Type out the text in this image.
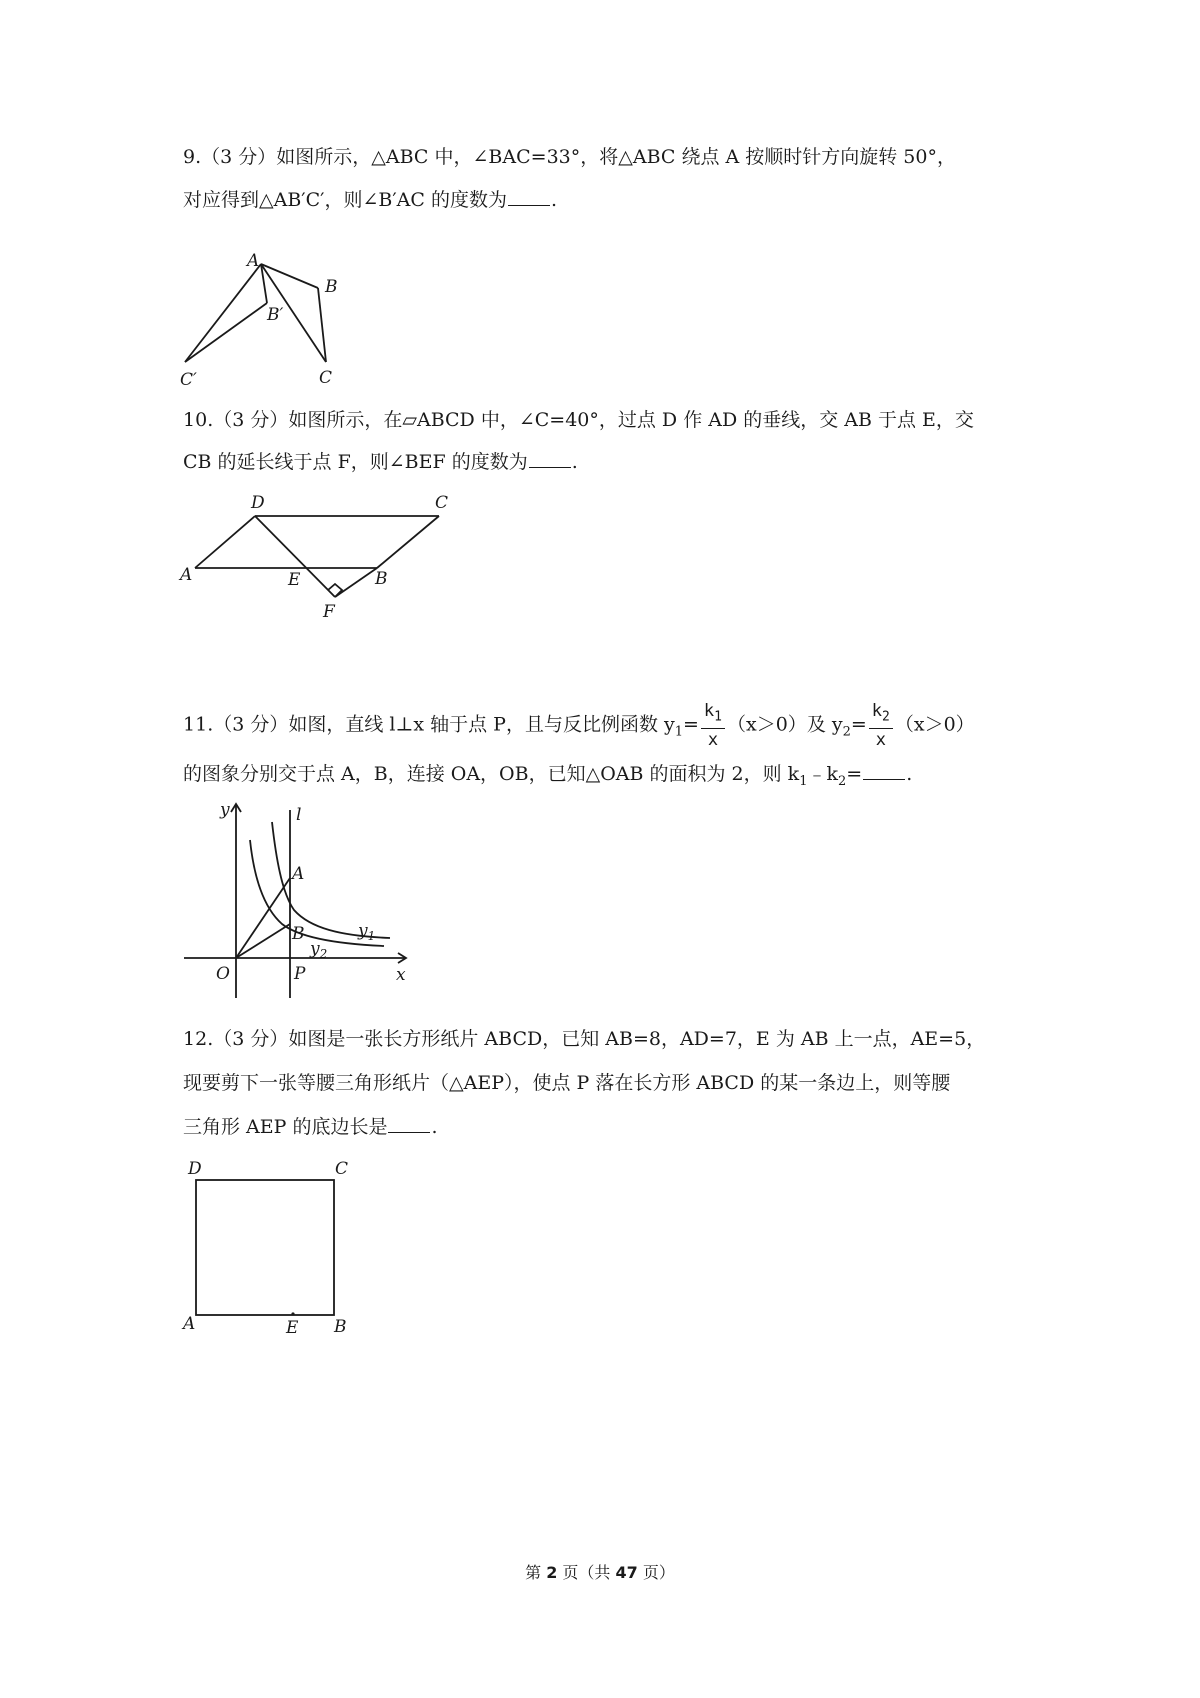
9.（3 分）如图所示，△ABC 中，∠BAC=33°，将△ABC 绕点 A 按顺时针方向旋转 50°，
对应得到△AB′C′，则∠B′AC 的度数为 .
A
B
B′
C
C′
10.（3 分）如图所示，在▱ABCD 中，∠C=40°，过点 D 作 AD 的垂线，交 AB 于点 E，交
CB 的延长线于点 F，则∠BEF 的度数为 .
D	C
A	E	B
F
11.（3 分）如图，直线 l⊥x 轴于点 P，且与反比例函数 $y_1= \frac{k_1}{x} (x>0)$及 $y_2= \frac{k_2}{x} (x>0)$
的图象分别交于点 A，B，连接 OA，OB，已知△OAB 的面积为 2，则 $k_1﹣k_2=$ .
y	l
A
B
O	P	x
$y_1$
$y_2$
12.（3 分）如图是一张长方形纸片 ABCD，已知 AB=8，AD=7，E 为 AB 上一点，AE=5，
现要剪下一张等腰三角形纸片（△AEP），使点 P 落在长方形 ABCD 的某一条边上，则等腰
三角形 AEP 的底边长是 .
D	C
A	E B
第 2 页（共 47 页）
